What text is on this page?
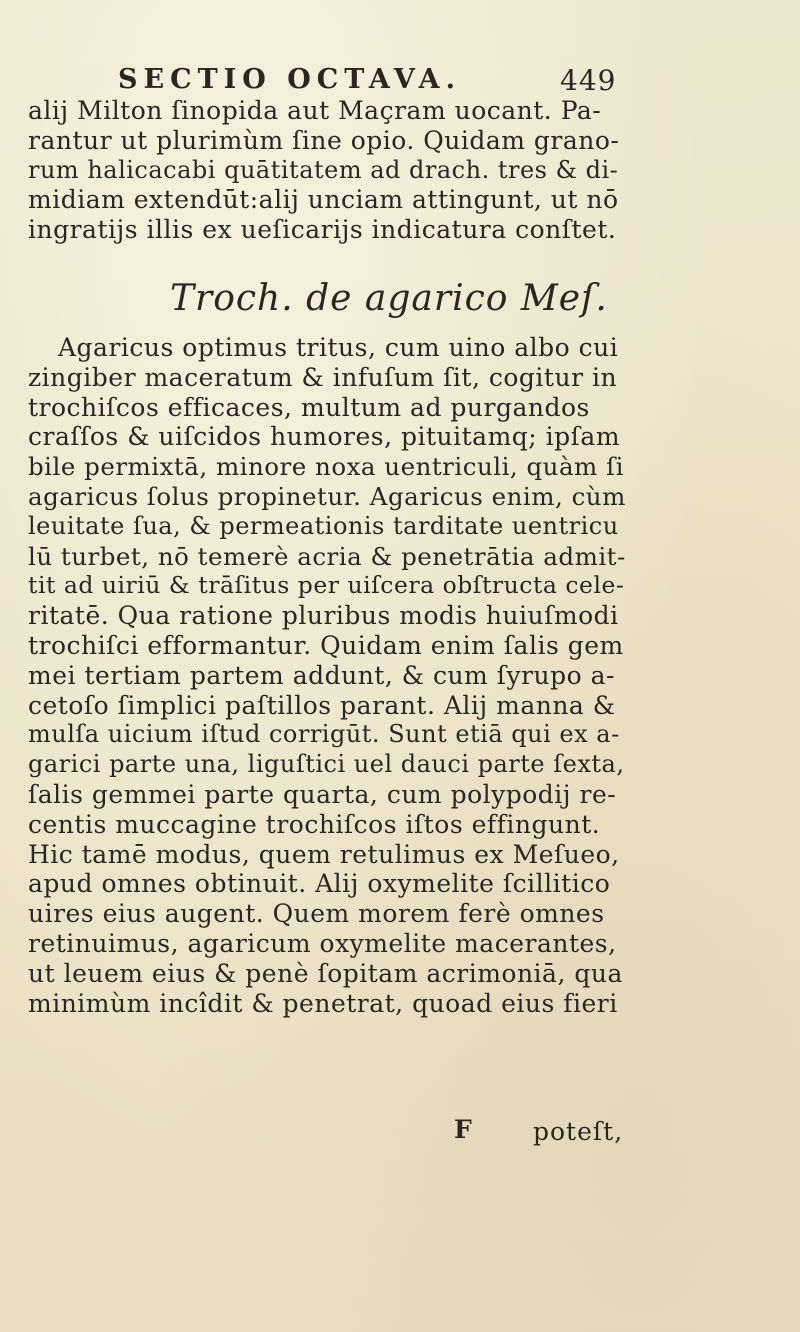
SECTIO OCTAVA.	449
alij Milton ſinopida aut Maçram uocant. Pa-
rantur ut plurimùm ſine opio. Quidam grano-
rum halicacabi quātitatem ad drach. tres & di-
midiam extendūt:alij unciam attingunt, ut nō
ingratijs illis ex ueſicarijs indicatura conſtet.
Troch. de agarico Meſ.
Agaricus optimus tritus, cum uino albo cui
zingiber maceratum & infuſum ſit, cogitur in
trochiſcos efficaces, multum ad purgandos
craſſos & uiſcidos humores, pituitamq; ipſam
bile permixtā, minore noxa uentriculi, quàm ſi
agaricus ſolus propinetur. Agaricus enim, cùm
leuitate ſua, & permeationis tarditate uentricu
lū turbet, nō temerè acria & penetrātia admit-
tit ad uiriū & trāſitus per uiſcera obſtructa cele-
ritatē. Qua ratione pluribus modis huiuſmodi
trochiſci efformantur. Quidam enim ſalis gem
mei tertiam partem addunt, & cum ſyrupo a-
cetoſo ſimplici paſtillos parant. Alij manna &
mulſa uicium iſtud corrigūt. Sunt etiā qui ex a-
garici parte una, liguſtici uel dauci parte ſexta,
ſalis gemmei parte quarta, cum polypodij re-
centis muccagine trochiſcos iſtos effingunt.
Hic tamē modus, quem retulimus ex Meſueo,
apud omnes obtinuit. Alij oxymelite ſcillitico
uires eius augent. Quem morem ferè omnes
retinuimus, agaricum oxymelite macerantes,
ut leuem eius & penè ſopitam acrimoniā, qua
minimùm incîdit & penetrat, quoad eius fieri
F poteſt,
